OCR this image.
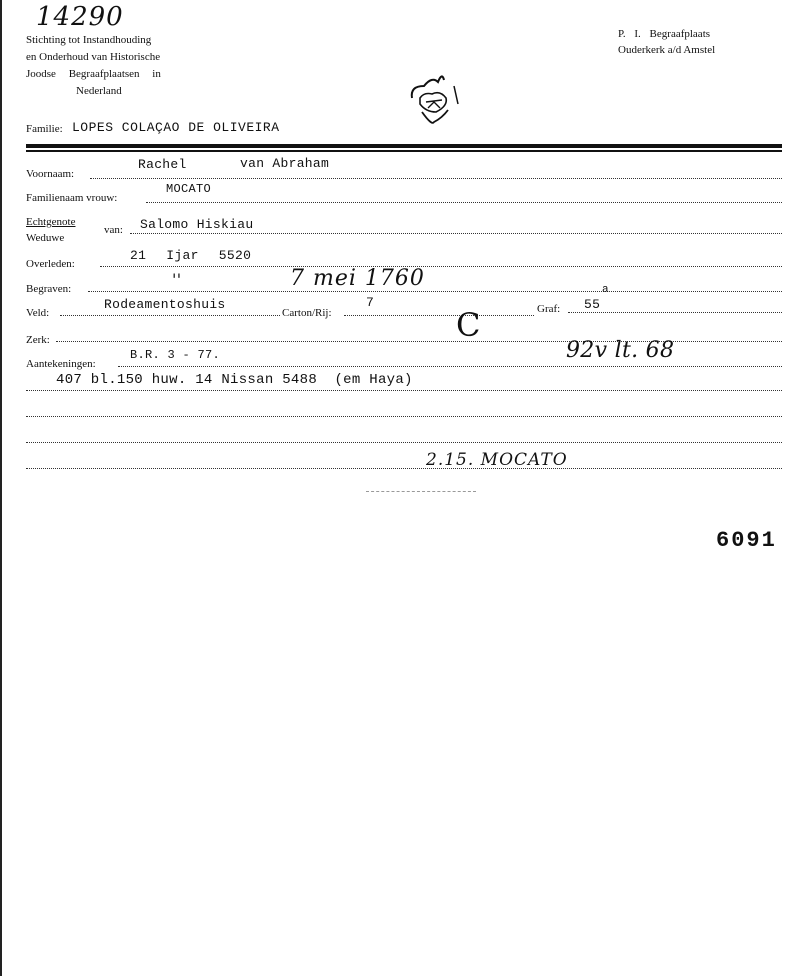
14290
Stichting tot Instandhouding
en Onderhoud van Historische
Joodse Begraafplaatsen in
Nederland
P. I. Begraafplaats
Ouderkerk a/d Amstel
Familie: LOPES COLAÇAO DE OLIVEIRA
Voornaam:
Rachel	van Abraham
Familienaam vrouw:
MOCATO
Echtgenote
Weduwe
van: Salomo Hiskiau
Overleden:
21 Ijar 5520
Begraven:	''	7 mei 1760
Veld:
Rodeamentoshuis
Carton/Rij:
7	Graf: 55
a
Zerk:	C
Aantekeningen:
B.R. 3 - 77.	92v lt. 68
407 bl.150 huw. 14 Nissan 5488  (em Haya)
2.15. MOCATO
6091
